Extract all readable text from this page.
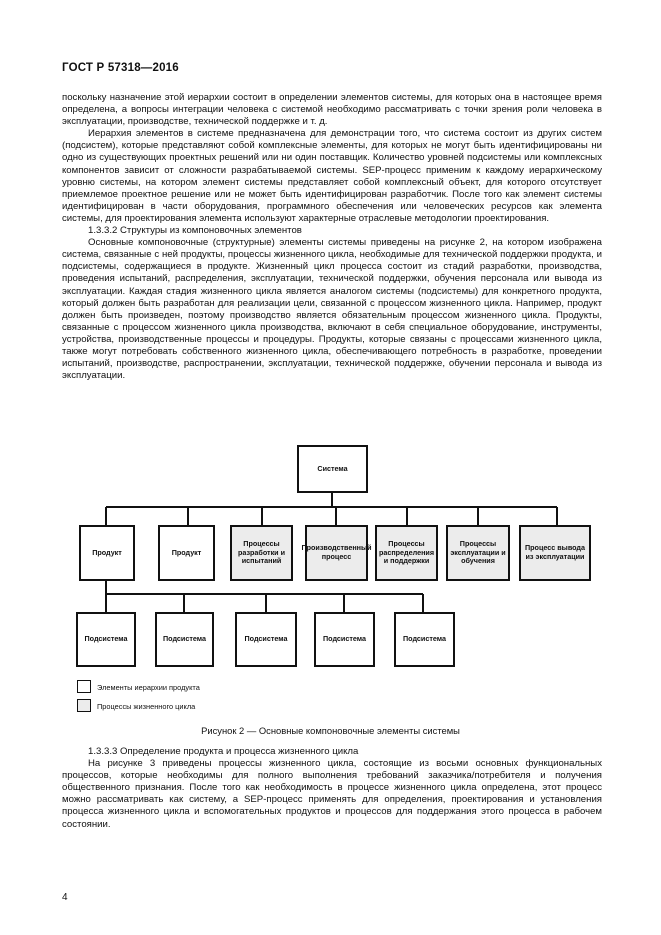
ГОСТ Р 57318—2016

поскольку назначение этой иерархии состоит в определении элементов системы, для которых она в настоящее время определена, а вопросы интеграции человека с системой необходимо рассматривать с точки зрения роли человека в эксплуатации, производстве, технической поддержке и т. д.

Иерархия элементов в системе предназначена для демонстрации того, что система состоит из других систем (подсистем), которые представляют собой комплексные элементы, для которых не могут быть идентифицированы ни одно из существующих проектных решений или ни один поставщик. Количество уровней подсистемы или комплексных компонентов зависит от сложности разрабатываемой системы. SEP-процесс применим к каждому иерархическому уровню системы, на котором элемент системы представляет собой комплексный объект, для которого отсутствует приемлемое проектное решение или не может быть идентифицирован разработчик. После того как элемент системы идентифицирован в части оборудования, программного обеспечения или человеческих ресурсов как элемента системы, для проектирования элемента используют характерные отраслевые методологии проектирования.

1.3.3.2 Структуры из компоновочных элементов

Основные компоновочные (структурные) элементы системы приведены на рисунке 2, на котором изображена система, связанные с ней продукты, процессы жизненного цикла, необходимые для технической поддержки продукта, и подсистемы, содержащиеся в продукте. Жизненный цикл процесса состоит из стадий разработки, производства, проведения испытаний, распределения, эксплуатации, технической поддержки, обучения персонала или вывода из эксплуатации. Каждая стадия жизненного цикла является аналогом системы (подсистемы) для конкретного продукта, который должен быть разработан для реализации цели, связанной с процессом жизненного цикла. Например, продукт должен быть произведен, поэтому производство является обязательным процессом жизненного цикла. Продукты, связанные с процессом жизненного цикла производства, включают в себя специальное оборудование, инструменты, устройства, производственные процессы и процедуры. Продукты, которые связаны с процессами жизненного цикла, также могут потребовать собственного жизненного цикла, обеспечивающего потребность в разработке, проведении испытаний, производстве, распространении, эксплуатации, технической поддержке, обучении персонала и вывода из эксплуатации.

Система
Продукт	Продукт
Процессы разработки и испытаний
Производственный процесс
Процессы распределения и поддержки
Процессы эксплуатации и обучения
Процесс вывода из эксплуатации
Подсистема	Подсистема	Подсистема	Подсистема	Подсистема
Элементы иерархии продукта
Процессы жизненного цикла
Рисунок 2 — Основные компоновочные элементы системы

1.3.3.3 Определение продукта и процесса жизненного цикла

На рисунке 3 приведены процессы жизненного цикла, состоящие из восьми основных функциональных процессов, которые необходимы для полного выполнения требований заказчика/потребителя и получения общественного признания. После того как необходимость в процессе жизненного цикла определена, этот процесс можно рассматривать как систему, а SEP-процесс применять для определения, проектирования и установления процесса жизненного цикла и вспомогательных продуктов и процессов для поддержания этого процесса в рабочем состоянии.

4
